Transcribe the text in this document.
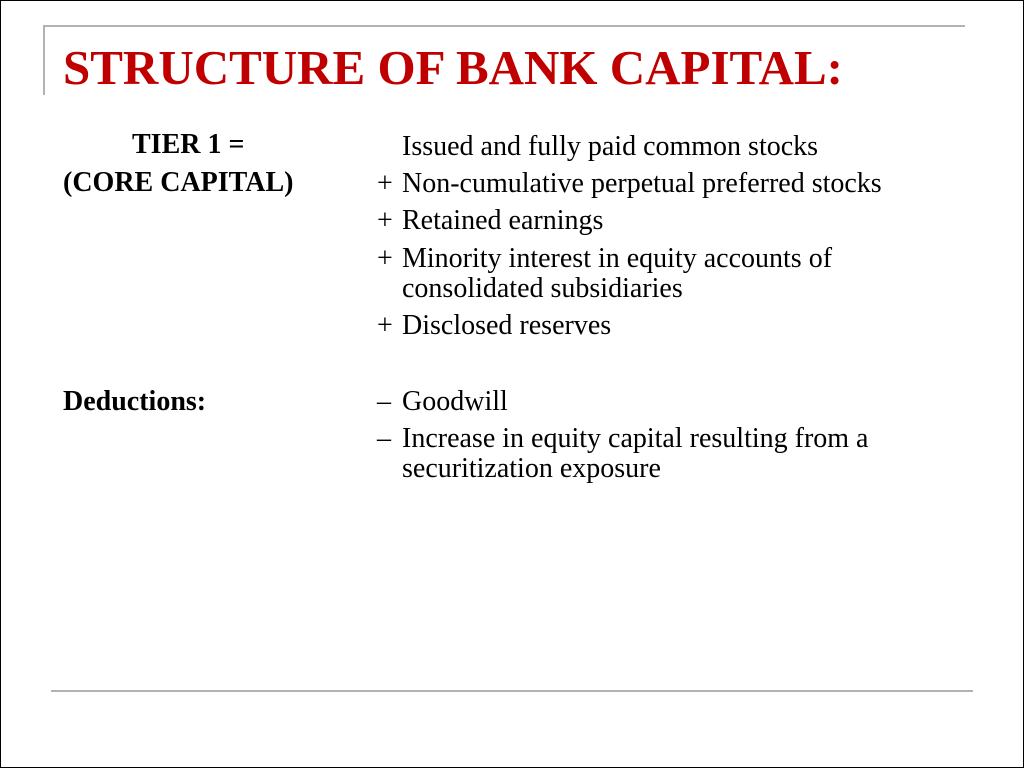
STRUCTURE OF BANK CAPITAL:
TIER 1 =
(CORE CAPITAL)
Issued and fully paid common stocks
+ Non-cumulative perpetual preferred stocks
+ Retained earnings
+ Minority interest in equity accounts of
consolidated subsidiaries
+ Disclosed reserves
Deductions:	– Goodwill
– Increase in equity capital resulting from a
securitization exposure
